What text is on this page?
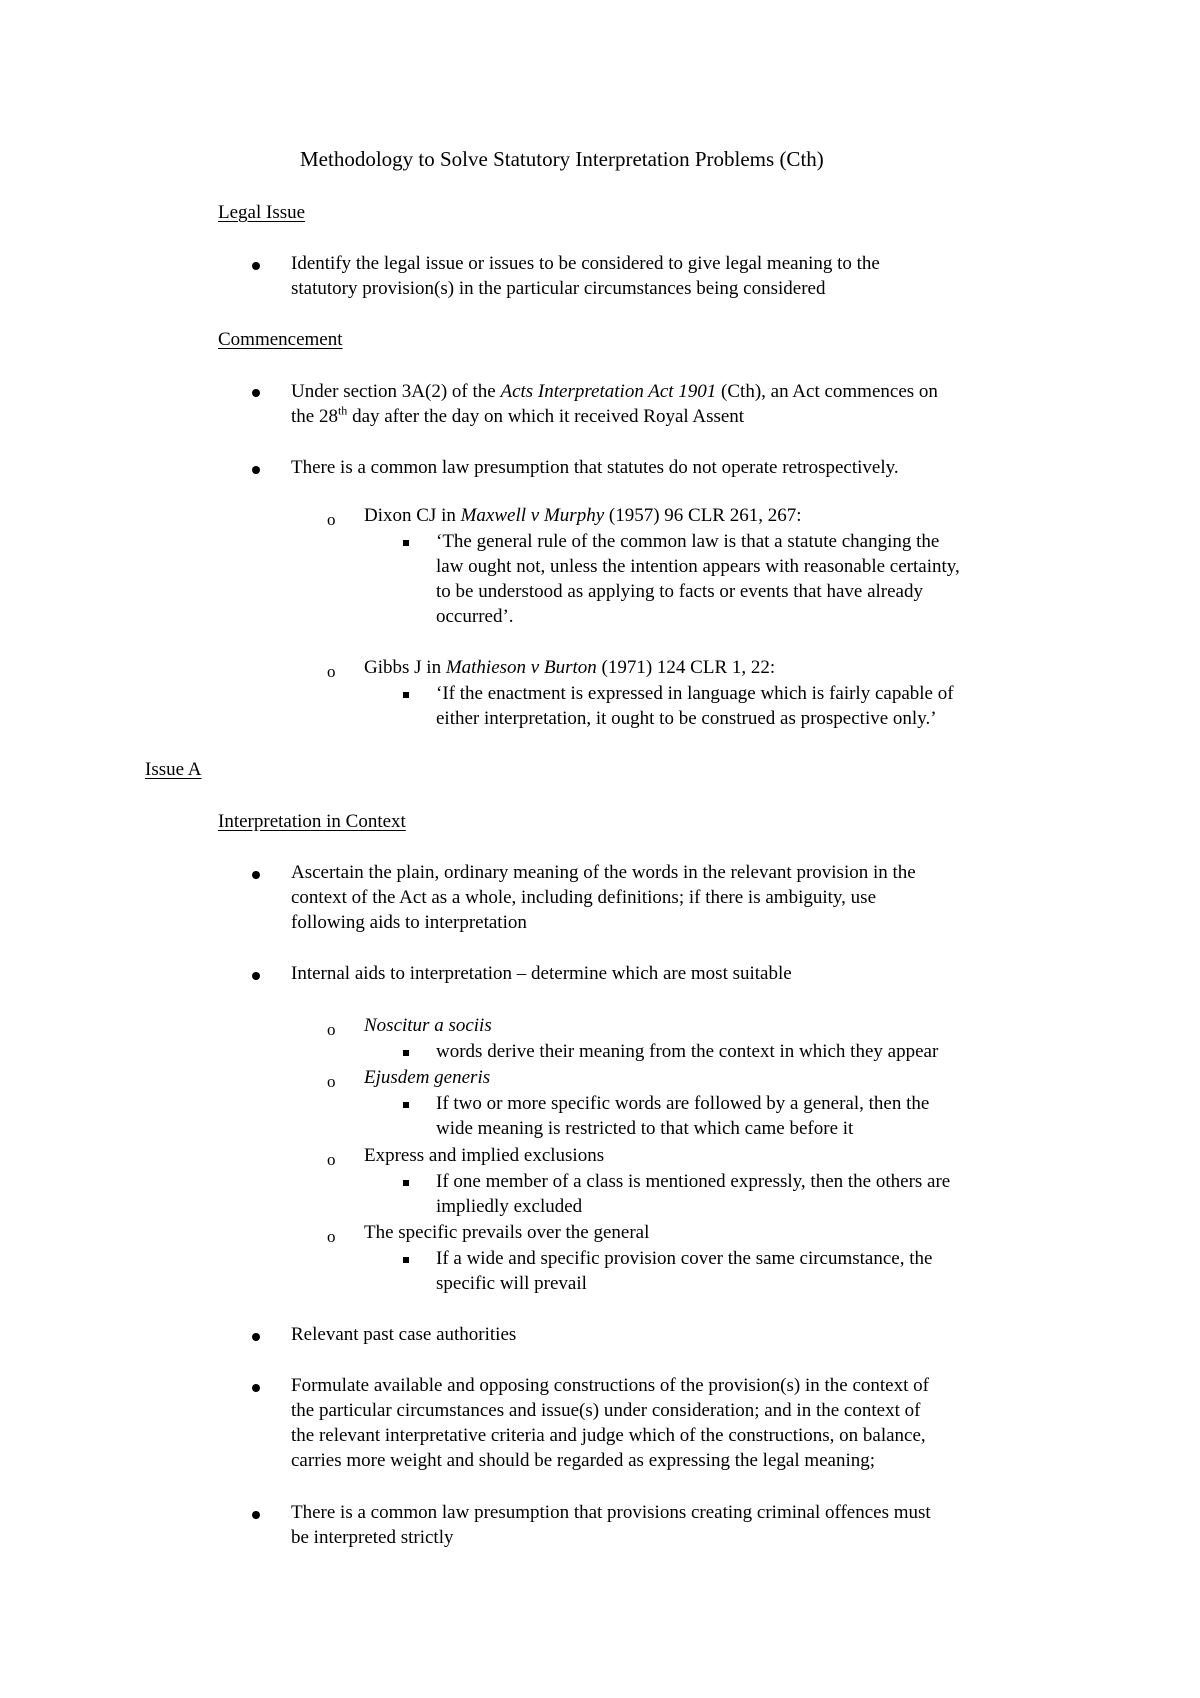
Methodology to Solve Statutory Interpretation Problems (Cth)
Legal Issue
Identify the legal issue or issues to be considered to give legal meaning to the
statutory provision(s) in the particular circumstances being considered
Commencement
Under section 3A(2) of the Acts Interpretation Act 1901 (Cth), an Act commences on
the 28th day after the day on which it received Royal Assent
There is a common law presumption that statutes do not operate retrospectively.
o Dixon CJ in Maxwell v Murphy (1957) 96 CLR 261, 267:
‘The general rule of the common law is that a statute changing the
law ought not, unless the intention appears with reasonable certainty,
to be understood as applying to facts or events that have already
occurred’.
o Gibbs J in Mathieson v Burton (1971) 124 CLR 1, 22:
‘If the enactment is expressed in language which is fairly capable of
either interpretation, it ought to be construed as prospective only.’
Issue A
Interpretation in Context
Ascertain the plain, ordinary meaning of the words in the relevant provision in the
context of the Act as a whole, including definitions; if there is ambiguity, use
following aids to interpretation
Internal aids to interpretation – determine which are most suitable
o Noscitur a sociis
words derive their meaning from the context in which they appear
o Ejusdem generis
If two or more specific words are followed by a general, then the
wide meaning is restricted to that which came before it
o Express and implied exclusions
If one member of a class is mentioned expressly, then the others are
impliedly excluded
o The specific prevails over the general
If a wide and specific provision cover the same circumstance, the
specific will prevail
Relevant past case authorities
Formulate available and opposing constructions of the provision(s) in the context of
the particular circumstances and issue(s) under consideration; and in the context of
the relevant interpretative criteria and judge which of the constructions, on balance,
carries more weight and should be regarded as expressing the legal meaning;
There is a common law presumption that provisions creating criminal offences must
be interpreted strictly
